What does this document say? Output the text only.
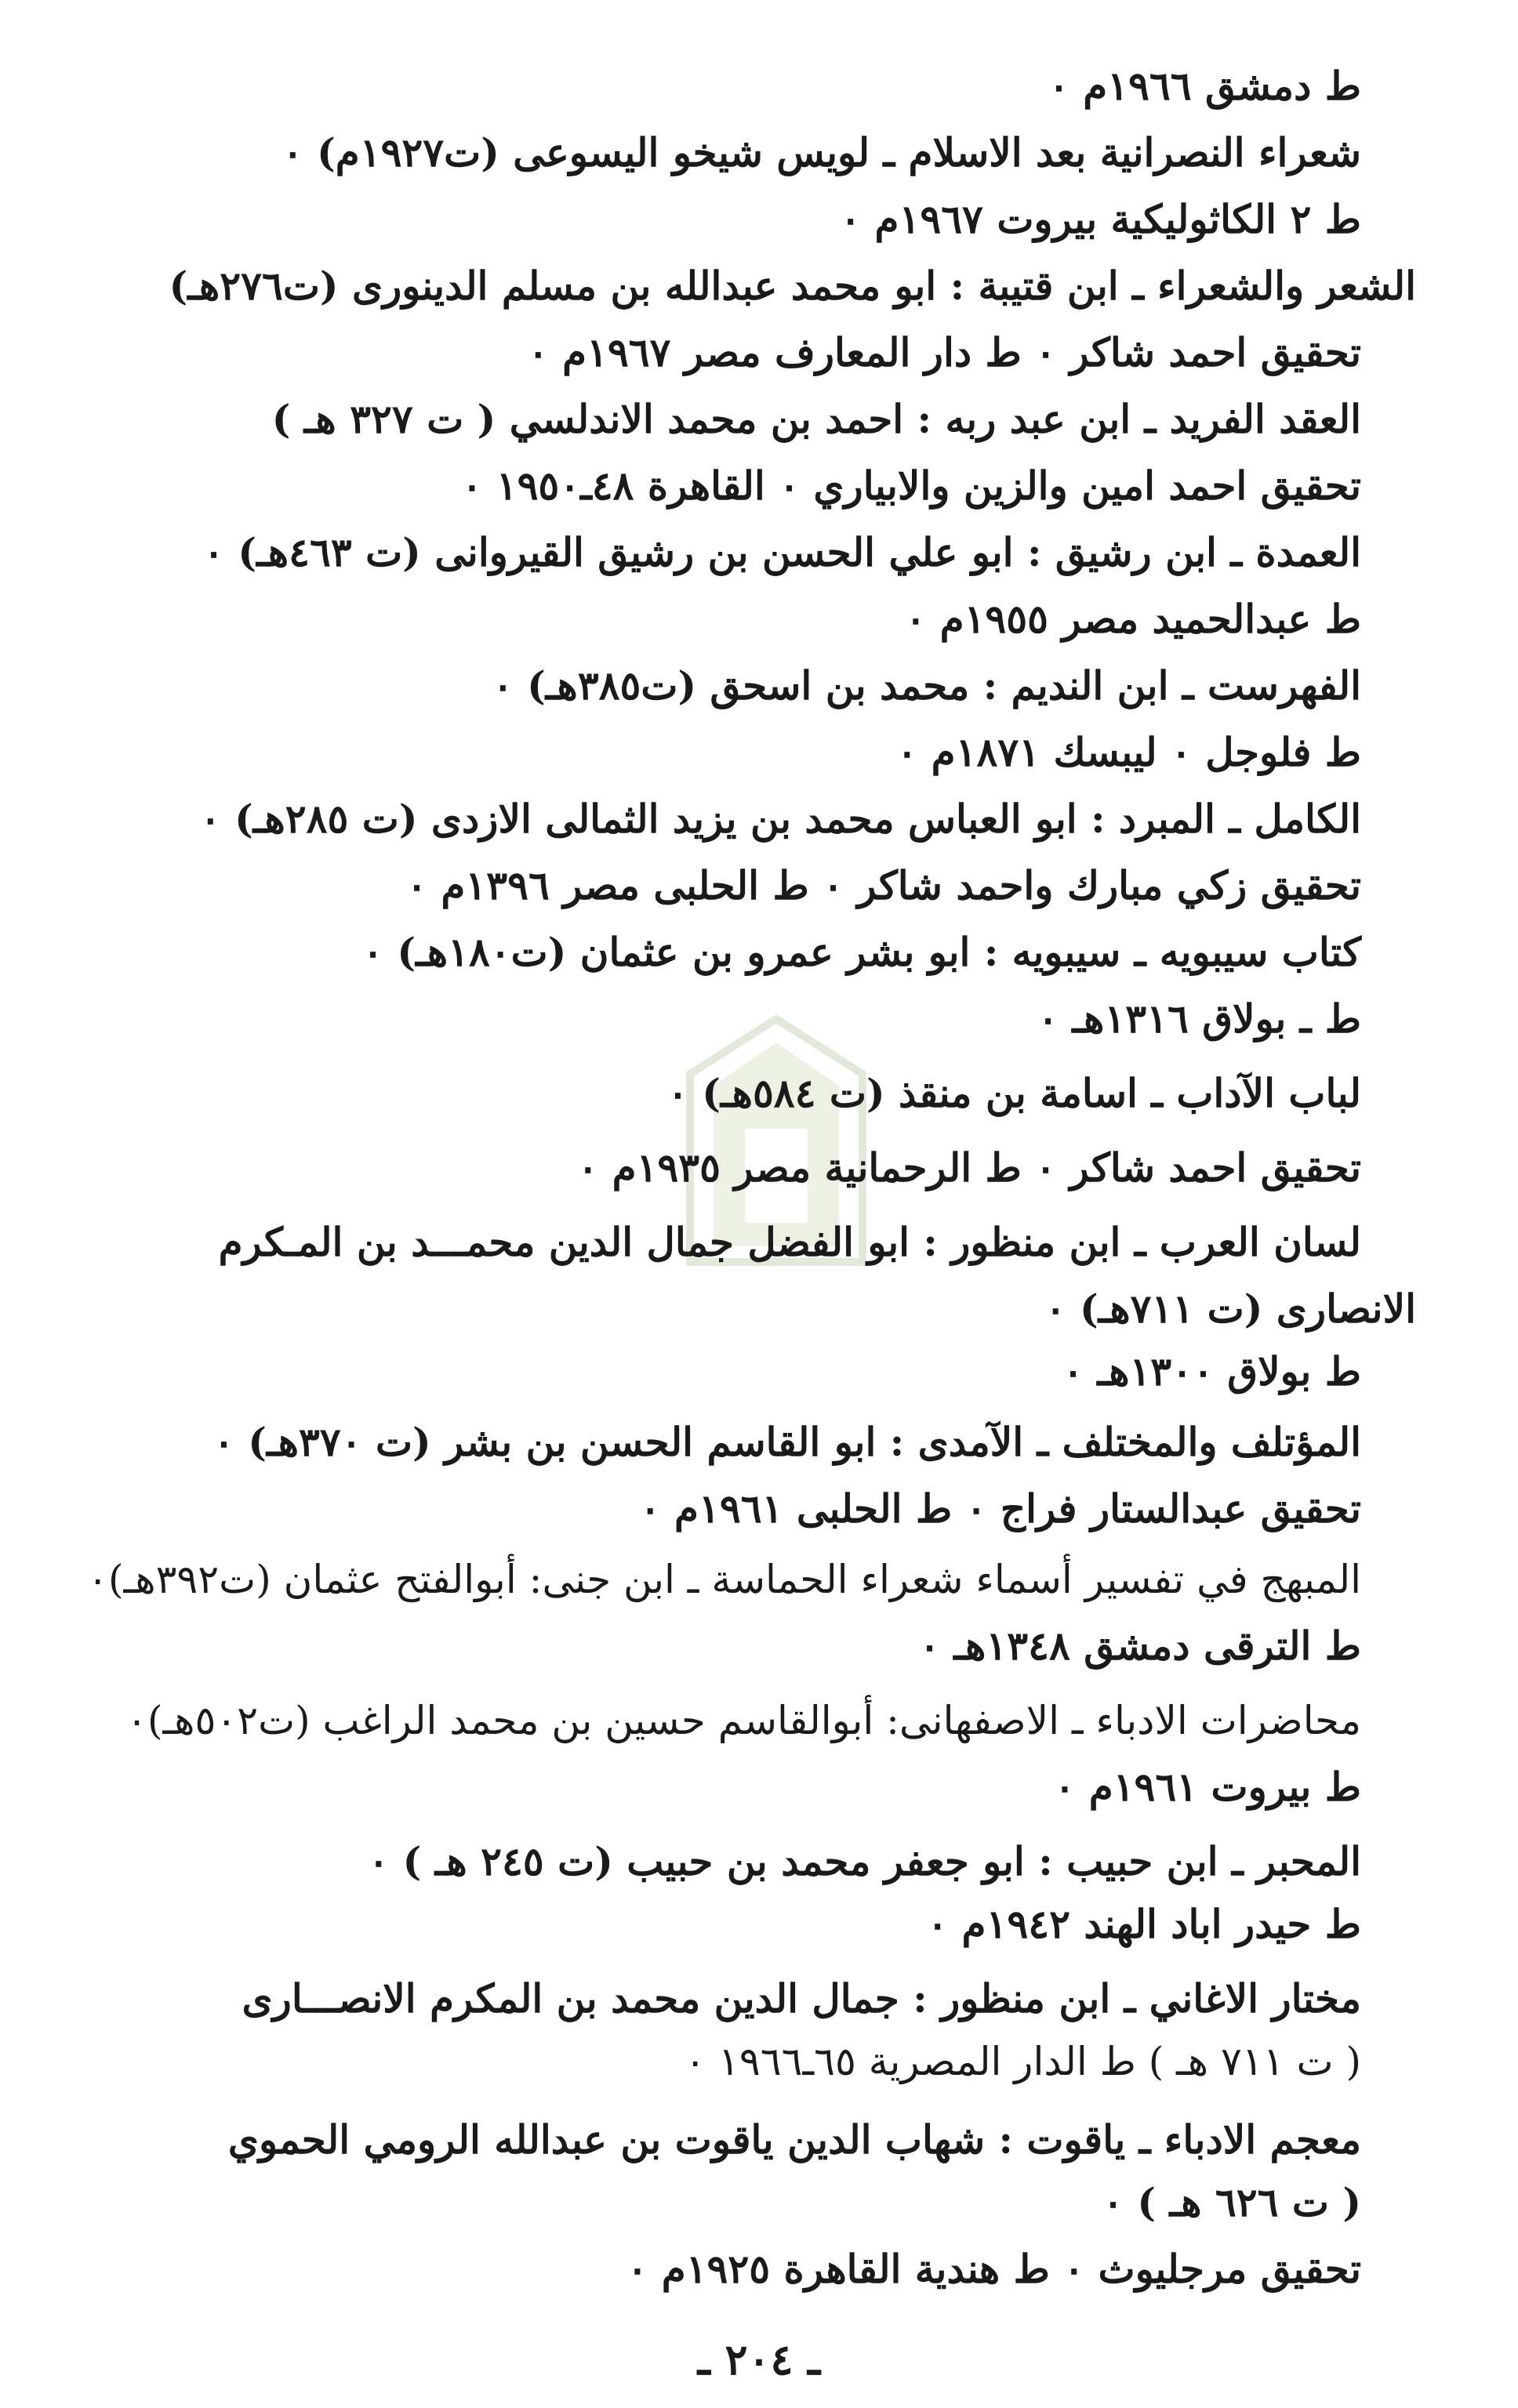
ط دمشق ١٩٦٦م ٠
شعراء النصرانية بعد الاسلام ـ لويس شيخو اليسوعى (ت١٩٢٧م) ٠
ط ٢ الكاثوليكية بيروت ١٩٦٧م ٠
الشعر والشعراء ـ ابن قتيبة : ابو محمد عبدالله بن مسلم الدينورى (ت٢٧٦هـ)
تحقيق احمد شاكر ٠ ط دار المعارف مصر ١٩٦٧م ٠
العقد الفريد ـ ابن عبد ربه : احمد بن محمد الاندلسي ( ت ٣٢٧ هـ )
تحقيق احمد امين والزين والابياري ٠ القاهرة ٤٨ـ١٩٥٠ ٠
العمدة ـ ابن رشيق : ابو علي الحسن بن رشيق القيروانى (ت ٤٦٣هـ) ٠
ط عبدالحميد مصر ١٩٥٥م ٠
الفهرست ـ ابن النديم : محمد بن اسحق (ت٣٨٥هـ) ٠
ط فلوجل ٠ ليبسك ١٨٧١م ٠
الكامل ـ المبرد : ابو العباس محمد بن يزيد الثمالى الازدى (ت ٢٨٥هـ) ٠
تحقيق زكي مبارك واحمد شاكر ٠ ط الحلبى مصر ١٣٩٦م ٠
كتاب سيبويه ـ سيبويه : ابو بشر عمرو بن عثمان (ت١٨٠هـ) ٠
ط ـ بولاق ١٣١٦هـ ٠
لباب الآداب ـ اسامة بن منقذ (ت ٥٨٤هـ) ٠
تحقيق احمد شاكر ٠ ط الرحمانية مصر ١٩٣٥م ٠
لسان العرب ـ ابن منظور : ابو الفضل جمال الدين محمـــد بن المـكرم
الانصارى (ت ٧١١هـ) ٠
ط بولاق ١٣٠٠هـ ٠
المؤتلف والمختلف ـ الآمدى : ابو القاسم الحسن بن بشر (ت ٣٧٠هـ) ٠
تحقيق عبدالستار فراج ٠ ط الحلبى ١٩٦١م ٠
المبهج في تفسير أسماء شعراء الحماسة ـ ابن جنى: أبوالفتح عثمان (ت٣٩٢هـ)٠
ط الترقى دمشق ١٣٤٨هـ ٠
محاضرات الادباء ـ الاصفهانى: أبوالقاسم حسين بن محمد الراغب (ت٥٠٢هـ)٠
ط بيروت ١٩٦١م ٠
المحبر ـ ابن حبيب : ابو جعفر محمد بن حبيب (ت ٢٤٥ هـ ) ٠
ط حيدر اباد الهند ١٩٤٢م ٠
مختار الاغاني ـ ابن منظور : جمال الدين محمد بن المكرم الانصـــارى
( ت ٧١١ هـ ) ط الدار المصرية ٦٥ـ١٩٦٦ ٠
معجم الادباء ـ ياقوت : شهاب الدين ياقوت بن عبدالله الرومي الحموي
( ت ٦٢٦ هـ ) ٠
تحقيق مرجليوث ٠ ط هندية القاهرة ١٩٢٥م ٠
ـ ٢٠٤ ـ
